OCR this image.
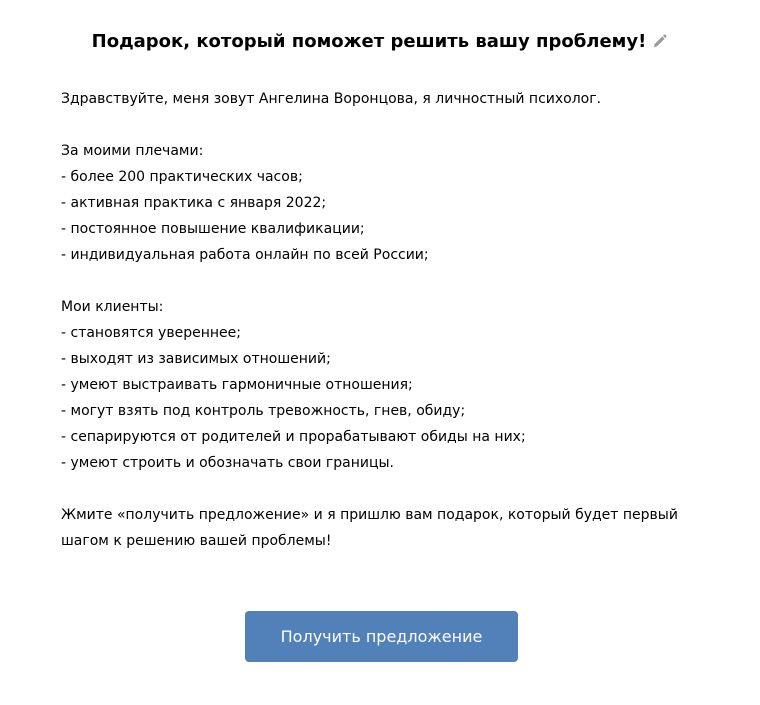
Подарок, который поможет решить вашу проблему!
Здравствуйте, меня зовут Ангелина Воронцова, я личностный психолог.
За моими плечами:
- более 200 практических часов;
- активная практика с января 2022;
- постоянное повышение квалификации;
- индивидуальная работа онлайн по всей России;
Мои клиенты:
- становятся увереннее;
- выходят из зависимых отношений;
- умеют выстраивать гармоничные отношения;
- могут взять под контроль тревожность, гнев, обиду;
- сепарируются от родителей и прорабатывают обиды на них;
- умеют строить и обозначать свои границы.
Жмите «получить предложение» и я пришлю вам подарок, который будет первый
шагом к решению вашей проблемы!
Получить предложение
